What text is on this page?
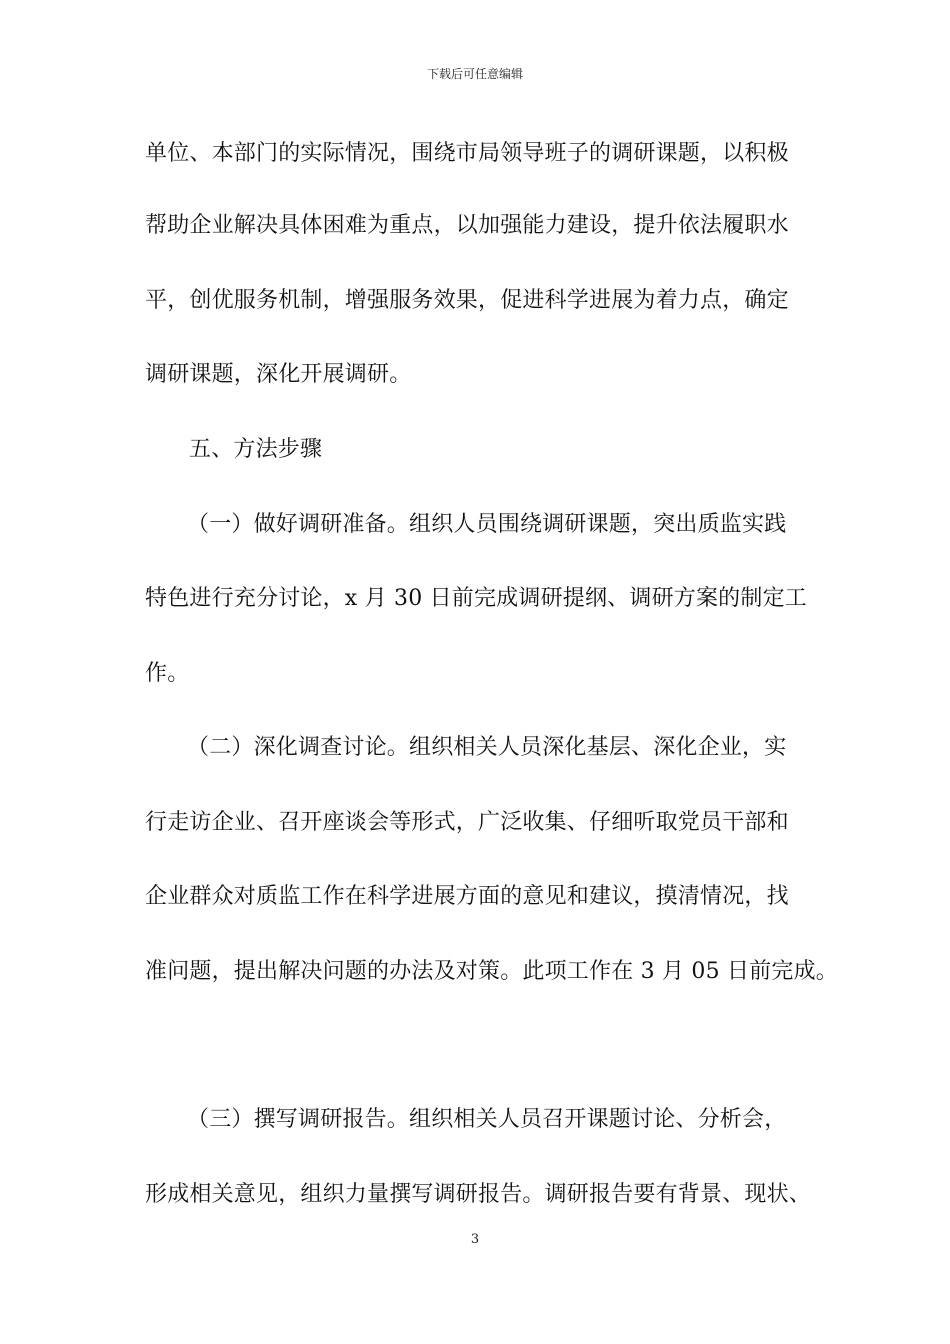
下载后可任意编辑
单位、本部门的实际情况，围绕市局领导班子的调研课题，以积极
帮助企业解决具体困难为重点，以加强能力建设，提升依法履职水
平，创优服务机制，增强服务效果，促进科学进展为着力点，确定
调研课题，深化开展调研。
五、方法步骤
（一）做好调研准备。组织人员围绕调研课题，突出质监实践
特色进行充分讨论，x 月 30 日前完成调研提纲、调研方案的制定工
作。
（二）深化调查讨论。组织相关人员深化基层、深化企业，实
行走访企业、召开座谈会等形式，广泛收集、仔细听取党员干部和
企业群众对质监工作在科学进展方面的意见和建议，摸清情况，找
准问题，提出解决问题的办法及对策。此项工作在 3 月 05 日前完成。
（三）撰写调研报告。组织相关人员召开课题讨论、分析会，
形成相关意见，组织力量撰写调研报告。调研报告要有背景、现状、
3
